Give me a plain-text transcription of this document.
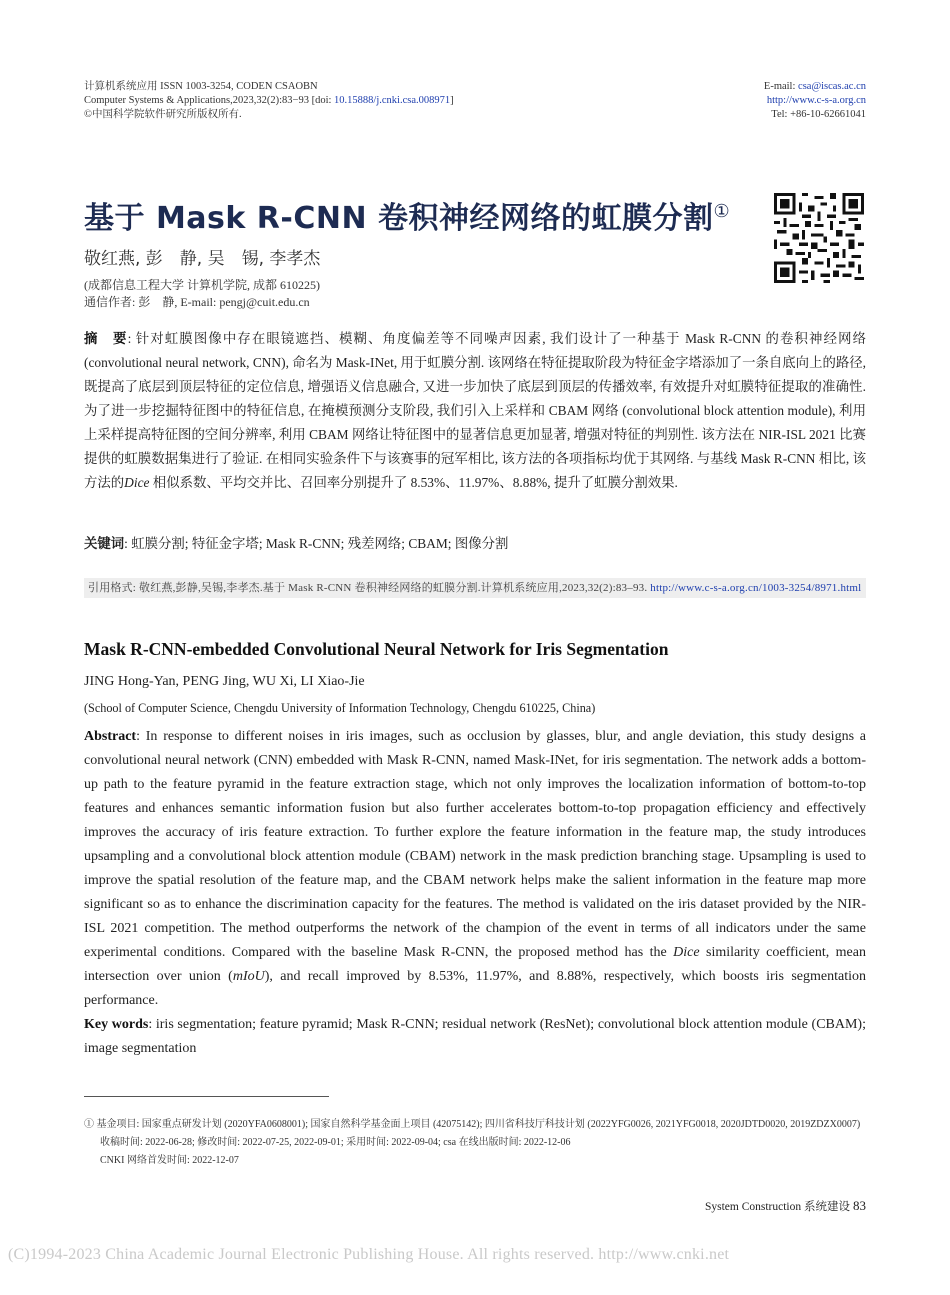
计算机系统应用 ISSN 1003-3254, CODEN CSAOBN
Computer Systems & Applications,2023,32(2):83−93 [doi: 10.15888/j.cnki.csa.008971]
©中国科学院软件研究所版权所有.
E-mail: csa@iscas.ac.cn
http://www.c-s-a.org.cn
Tel: +86-10-62661041
基于 Mask R-CNN 卷积神经网络的虹膜分割①
敬红燕, 彭　静, 吴　锡, 李孝杰
(成都信息工程大学 计算机学院, 成都 610225)
通信作者: 彭　静, E-mail: pengj@cuit.edu.cn
摘　要: 针对虹膜图像中存在眼镜遮挡、模糊、角度偏差等不同噪声因素, 我们设计了一种基于 Mask R-CNN 的卷积神经网络 (convolutional neural network, CNN), 命名为 Mask-INet, 用于虹膜分割. 该网络在特征提取阶段为特征金字塔添加了一条自底向上的路径, 既提高了底层到顶层特征的定位信息, 增强语义信息融合, 又进一步加快了底层到顶层的传播效率, 有效提升对虹膜特征提取的准确性. 为了进一步挖掘特征图中的特征信息, 在掩模预测分支阶段, 我们引入上采样和 CBAM 网络 (convolutional block attention module), 利用上采样提高特征图的空间分辨率, 利用 CBAM 网络让特征图中的显著信息更加显著, 增强对特征的判别性. 该方法在 NIR-ISL 2021 比赛提供的虹膜数据集进行了验证. 在相同实验条件下与该赛事的冠军相比, 该方法的各项指标均优于其网络. 与基线 Mask R-CNN 相比, 该方法的Dice 相似系数、平均交并比、召回率分别提升了 8.53%、11.97%、8.88%, 提升了虹膜分割效果.
关键词: 虹膜分割; 特征金字塔; Mask R-CNN; 残差网络; CBAM; 图像分割
引用格式: 敬红燕,彭静,吴锡,李孝杰.基于 Mask R-CNN 卷积神经网络的虹膜分割.计算机系统应用,2023,32(2):83–93. http://www.c-s-a.org.cn/1003-3254/8971.html
Mask R-CNN-embedded Convolutional Neural Network for Iris Segmentation
JING Hong-Yan, PENG Jing, WU Xi, LI Xiao-Jie
(School of Computer Science, Chengdu University of Information Technology, Chengdu 610225, China)
Abstract: In response to different noises in iris images, such as occlusion by glasses, blur, and angle deviation, this study designs a convolutional neural network (CNN) embedded with Mask R-CNN, named Mask-INet, for iris segmentation. The network adds a bottom-up path to the feature pyramid in the feature extraction stage, which not only improves the localization information of bottom-to-top features and enhances semantic information fusion but also further accelerates bottom-to-top propagation efficiency and effectively improves the accuracy of iris feature extraction. To further explore the feature information in the feature map, the study introduces upsampling and a convolutional block attention module (CBAM) network in the mask prediction branching stage. Upsampling is used to improve the spatial resolution of the feature map, and the CBAM network helps make the salient information in the feature map more significant so as to enhance the discrimination capacity for the features. The method is validated on the iris dataset provided by the NIR-ISL 2021 competition. The method outperforms the network of the champion of the event in terms of all indicators under the same experimental conditions. Compared with the baseline Mask R-CNN, the proposed method has the Dice similarity coefficient, mean intersection over union (mIoU), and recall improved by 8.53%, 11.97%, and 8.88%, respectively, which boosts iris segmentation performance.
Key words: iris segmentation; feature pyramid; Mask R-CNN; residual network (ResNet); convolutional block attention module (CBAM); image segmentation
① 基金项目: 国家重点研发计划 (2020YFA0608001); 国家自然科学基金面上项目 (42075142); 四川省科技厅科技计划 (2022YFG0026, 2021YFG0018, 2020JDTD0020, 2019ZDZX0007)
收稿时间: 2022-06-28; 修改时间: 2022-07-25, 2022-09-01; 采用时间: 2022-09-04; csa 在线出版时间: 2022-12-06
CNKI 网络首发时间: 2022-12-07
System Construction 系统建设 83
(C)1994-2023 China Academic Journal Electronic Publishing House. All rights reserved. http://www.cnki.net
